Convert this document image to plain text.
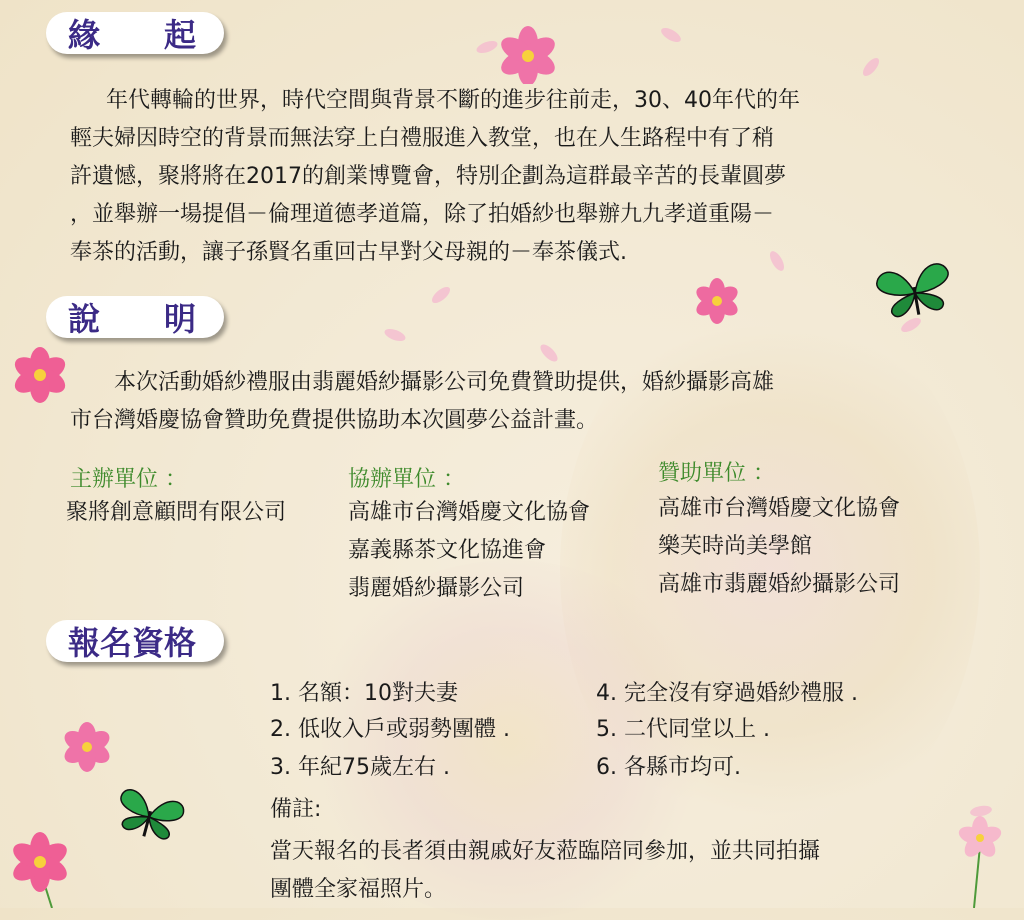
緣　　起
　年代轉輪的世界，時代空間與背景不斷的進步往前走，30、40年代的年
輕夫婦因時空的背景而無法穿上白禮服進入教堂，也在人生路程中有了稍
許遺憾，聚將將在2017的創業博覽會，特別企劃為這群最辛苦的長輩圓夢
，並舉辦一場提倡－倫理道德孝道篇，除了拍婚紗也舉辦九九孝道重陽－
奉茶的活動，讓子孫賢名重回古早對父母親的－奉茶儀式.
說　　明
　　本次活動婚紗禮服由翡麗婚紗攝影公司免費贊助提供，婚紗攝影高雄
市台灣婚慶協會贊助免費提供協助本次圓夢公益計畫。
主辦單位 ：
聚將創意顧問有限公司
協辦單位 ：
高雄市台灣婚慶文化協會
嘉義縣茶文化協進會
翡麗婚紗攝影公司
贊助單位 ：
高雄市台灣婚慶文化協會
樂芙時尚美學館
高雄市翡麗婚紗攝影公司
報名資格
1. 名額：10對夫妻
2. 低收入戶或弱勢團體 .
3. 年紀75歲左右 .
4. 完全沒有穿過婚紗禮服 .
5. 二代同堂以上 .
6. 各縣市均可.
備註:
當天報名的長者須由親戚好友蒞臨陪同參加，並共同拍攝
團體全家福照片。
